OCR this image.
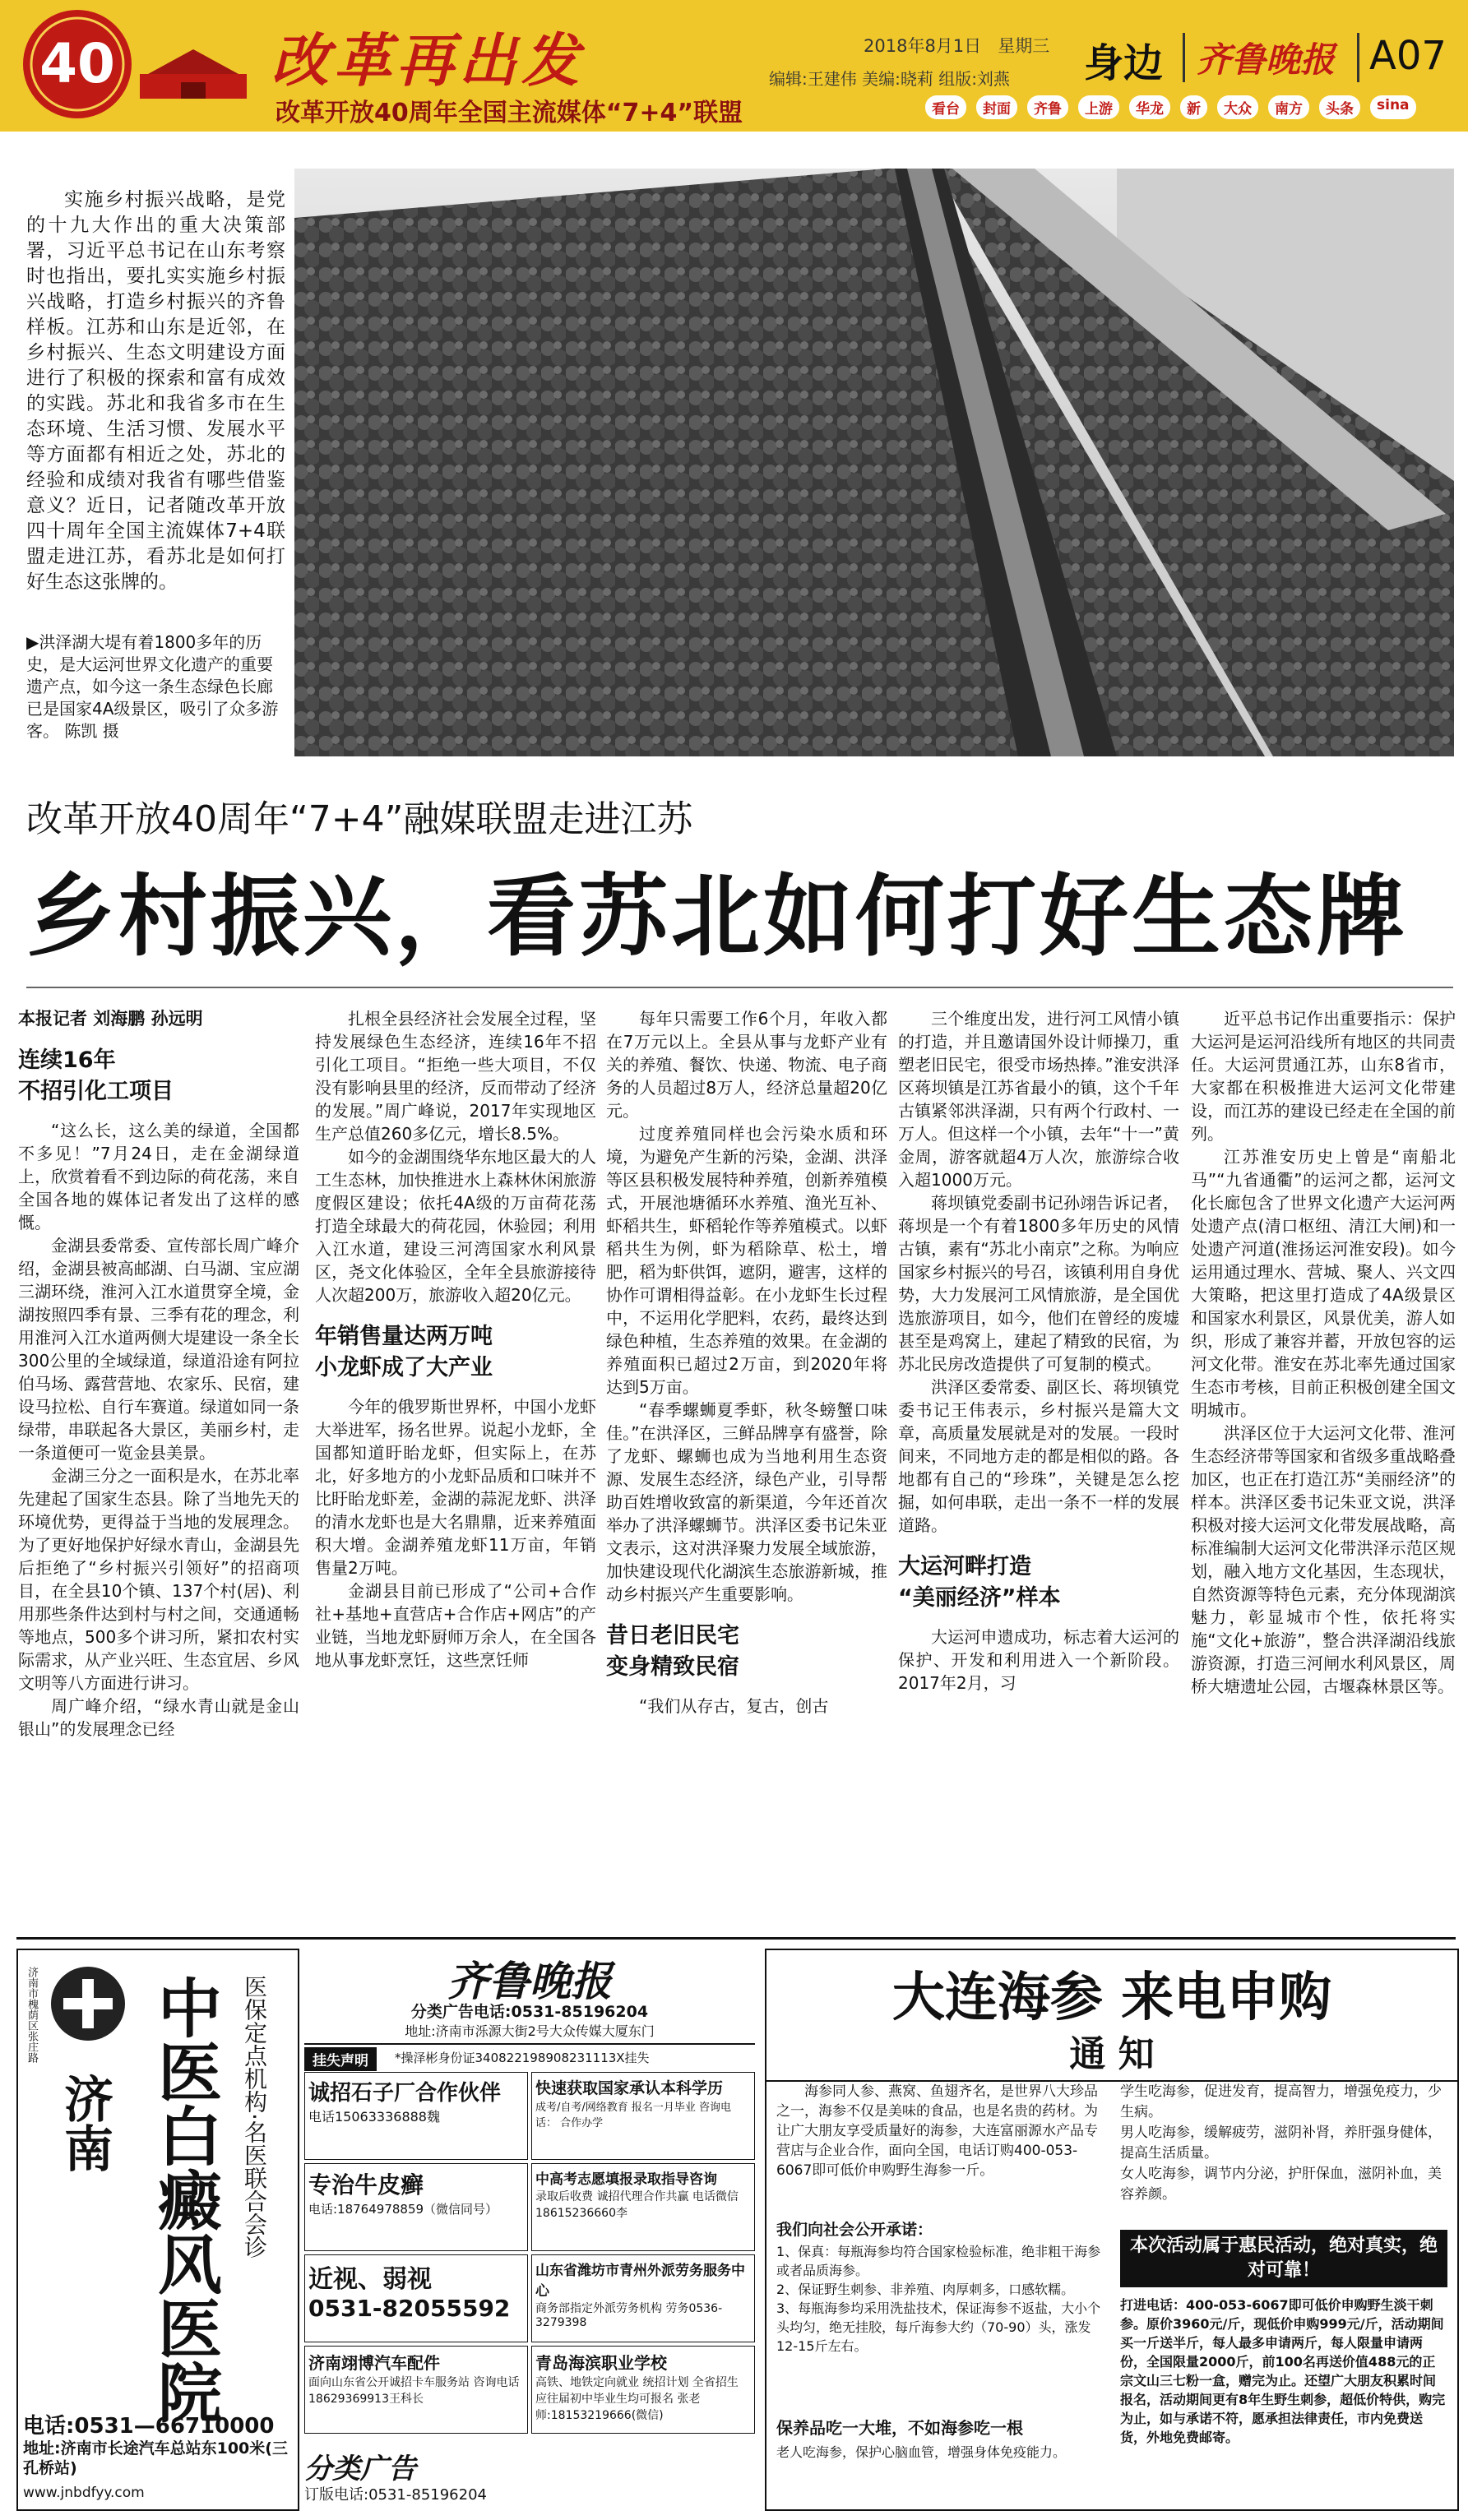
40	改革再出发
改革开放40周年全国主流媒体“7+4”联盟
2018年8月1日 星期三
编辑:王建伟 美编:晓莉 组版:刘燕 身边 齐鲁晚报 A07
看台	封面	齐鲁	上游	华龙	新	大众	南方	头条	sina
实施乡村振兴战略，是党的十九大作出的重大决策部署，习近平总书记在山东考察时也指出，要扎实实施乡村振兴战略，打造乡村振兴的齐鲁样板。江苏和山东是近邻，在乡村振兴、生态文明建设方面进行了积极的探索和富有成效的实践。苏北和我省多市在生态环境、生活习惯、发展水平等方面都有相近之处，苏北的经验和成绩对我省有哪些借鉴意义？近日，记者随改革开放四十周年全国主流媒体7+4联盟走进江苏，看苏北是如何打好生态这张牌的。
▶洪泽湖大堤有着1800多年的历史，是大运河世界文化遗产的重要遗产点，如今这一条生态绿色长廊已是国家4A级景区，吸引了众多游客。 陈凯 摄
改革开放40周年“7+4”融媒联盟走进江苏
乡村振兴，看苏北如何打好生态牌

本报记者 刘海鹏 孙远明

连续16年
不招引化工项目

“这么长，这么美的绿道，全国都不多见！”7月24日，走在金湖绿道上，欣赏着看不到边际的荷花荡，来自全国各地的媒体记者发出了这样的感慨。

金湖县委常委、宣传部长周广峰介绍，金湖县被高邮湖、白马湖、宝应湖三湖环绕，淮河入江水道贯穿全境，金湖按照四季有景、三季有花的理念，利用淮河入江水道两侧大堤建设一条全长300公里的全域绿道，绿道沿途有阿拉伯马场、露营营地、农家乐、民宿，建设马拉松、自行车赛道。绿道如同一条绿带，串联起各大景区，美丽乡村，走一条道便可一览金县美景。

金湖三分之一面积是水，在苏北率先建起了国家生态县。除了当地先天的环境优势，更得益于当地的发展理念。为了更好地保护好绿水青山，金湖县先后拒绝了“乡村振兴引领好”的招商项目，在全县10个镇、137个村(居)、利用那些条件达到村与村之间，交通通畅等地点，500多个讲习所，紧扣农村实际需求，从产业兴旺、生态宜居、乡风文明等八方面进行讲习。

周广峰介绍，“绿水青山就是金山银山”的发展理念已经

扎根全县经济社会发展全过程，坚持发展绿色生态经济，连续16年不招引化工项目。“拒绝一些大项目，不仅没有影响县里的经济，反而带动了经济的发展。”周广峰说，2017年实现地区生产总值260多亿元，增长8.5%。

如今的金湖围绕华东地区最大的人工生态林，加快推进水上森林休闲旅游度假区建设；依托4A级的万亩荷花荡打造全球最大的荷花园，休验园；利用入江水道，建设三河湾国家水利风景区，尧文化体验区，全年全县旅游接待人次超200万，旅游收入超20亿元。

年销售量达两万吨
小龙虾成了大产业

今年的俄罗斯世界杯，中国小龙虾大举进军，扬名世界。说起小龙虾，全国都知道盱眙龙虾，但实际上，在苏北，好多地方的小龙虾品质和口味并不比盱眙龙虾差，金湖的蒜泥龙虾、洪泽的清水龙虾也是大名鼎鼎，近来养殖面积大增。金湖养殖龙虾11万亩，年销售量2万吨。

金湖县目前已形成了“公司+合作社+基地+直营店+合作店+网店”的产业链，当地龙虾厨师万余人，在全国各地从事龙虾烹饪，这些烹饪师

每年只需要工作6个月，年收入都在7万元以上。全县从事与龙虾产业有关的养殖、餐饮、快递、物流、电子商务的人员超过8万人，经济总量超20亿元。

过度养殖同样也会污染水质和环境，为避免产生新的污染，金湖、洪泽等区县积极发展特种养殖，创新养殖模式，开展池塘循环水养殖、渔光互补、虾稻共生，虾稻轮作等养殖模式。以虾稻共生为例，虾为稻除草、松土，增肥，稻为虾供饵，遮阴，避害，这样的协作可谓相得益彰。在小龙虾生长过程中，不运用化学肥料，农药，最终达到绿色种植，生态养殖的效果。在金湖的养殖面积已超过2万亩，到2020年将达到5万亩。

“春季螺蛳夏季虾，秋冬螃蟹口味佳。”在洪泽区，三鲜品牌享有盛誉，除了龙虾、螺蛳也成为当地利用生态资源、发展生态经济，绿色产业，引导帮助百姓增收致富的新渠道，今年还首次举办了洪泽螺蛳节。洪泽区委书记朱亚文表示，这对洪泽聚力发展全域旅游，加快建设现代化湖滨生态旅游新城，推动乡村振兴产生重要影响。

昔日老旧民宅
变身精致民宿

“我们从存古，复古，创古

三个维度出发，进行河工风情小镇的打造，并且邀请国外设计师操刀，重塑老旧民宅，很受市场热捧。”淮安洪泽区蒋坝镇是江苏省最小的镇，这个千年古镇紧邻洪泽湖，只有两个行政村、一万人。但这样一个小镇，去年“十一”黄金周，游客就超4万人次，旅游综合收入超1000万元。

蒋坝镇党委副书记孙翊告诉记者，蒋坝是一个有着1800多年历史的风情古镇，素有“苏北小南京”之称。为响应国家乡村振兴的号召，该镇利用自身优势，大力发展河工风情旅游，是全国优选旅游项目，如今，他们在曾经的废墟甚至是鸡窝上，建起了精致的民宿，为苏北民房改造提供了可复制的模式。

洪泽区委常委、副区长、蒋坝镇党委书记王伟表示，乡村振兴是篇大文章，高质量发展就是对的发展。一段时间来，不同地方走的都是相似的路。各地都有自己的“珍珠”，关键是怎么挖掘，如何串联，走出一条不一样的发展道路。

大运河畔打造
“美丽经济”样本

大运河申遗成功，标志着大运河的保护、开发和利用进入一个新阶段。2017年2月，习

近平总书记作出重要指示：保护大运河是运河沿线所有地区的共同责任。大运河贯通江苏，山东8省市，大家都在积极推进大运河文化带建设，而江苏的建设已经走在全国的前列。

江苏淮安历史上曾是“南船北马”“九省通衢”的运河之都，运河文化长廊包含了世界文化遗产大运河两处遗产点(清口枢纽、清江大闸)和一处遗产河道(淮扬运河淮安段)。如今运用通过理水、营城、聚人、兴文四大策略，把这里打造成了4A级景区和国家水利景区，风景优美，游人如织，形成了兼容并蓄，开放包容的运河文化带。淮安在苏北率先通过国家生态市考核，目前正积极创建全国文明城市。

洪泽区位于大运河文化带、淮河生态经济带等国家和省级多重战略叠加区，也正在打造江苏“美丽经济”的样本。洪泽区委书记朱亚文说，洪泽积极对接大运河文化带发展战略，高标准编制大运河文化带洪泽示范区规划，融入地方文化基因，生态现状，自然资源等特色元素，充分体现湖滨魅力，彰显城市个性，依托将实施“文化+旅游”，整合洪泽湖沿线旅游资源，打造三河闸水利风景区，周桥大塘遗址公园，古堰森林景区等。

济南市槐荫区张庄路
济南 中医白癜风医院 医保定点机构·名医联合会诊
电话:0531—66710000
地址:济南市长途汽车总站东100米(三孔桥站)
www.jnbdfyy.com
齐鲁晚报
分类广告电话:0531-85196204
地址:济南市泺源大街2号大众传媒大厦东门
挂失声明	*操泽彬身份证340822198908231113X挂失
诚招石子厂合作伙伴
电话15063336888魏
快速获取国家承认本科学历
成考/自考/网络教育 报名一月毕业 咨询电话： 合作办学
专治牛皮癣
电话:18764978859（微信同号）
中高考志愿填报录取指导咨询
录取后收费 诚招代理合作共赢 电话微信18615236660李
近视、弱视
0531-82055592
山东省潍坊市青州外派劳务服务中心
商务部指定外派劳务机构 劳务0536-3279398
济南翊博汽车配件
面向山东省公开诚招卡车服务站 咨询电话18629369913王科长
青岛海滨职业学校
高铁、地铁定向就业 统招计划 全省招生 应往届初中毕业生均可报名 张老师:18153219666(微信)
分类广告
订版电话:0531-85196204
大连海参 来电申购
通 知
海参同人参、燕窝、鱼翅齐名，是世界八大珍品之一，海参不仅是美味的食品，也是名贵的药材。为让广大朋友享受质量好的海参，大连富丽源水产品专营店与企业合作，面向全国，电话订购400-053-6067即可低价申购野生海参一斤。
我们向社会公开承诺：
1、保真：每瓶海参均符合国家检验标准，绝非粗干海参或者品质海参。
2、保证野生刺参、非养殖、肉厚刺多，口感软糯。
3、每瓶海参均采用洗盐技术，保证海参不返盐，大小个头均匀，绝无挂胶，每斤海参大约（70-90）头，涨发12-15斤左右。
保养品吃一大堆，不如海参吃一根
老人吃海参，保护心脑血管，增强身体免疫能力。
学生吃海参，促进发育，提高智力，增强免疫力，少生病。
男人吃海参，缓解疲劳，滋阴补肾，养肝强身健体，提高生活质量。
女人吃海参，调节内分泌，护肝保血，滋阴补血，美容养颜。
本次活动属于惠民活动，绝对真实，绝对可靠！
打进电话：400-053-6067即可低价申购野生淡干刺参。原价3960元/斤，现低价申购999元/斤，活动期间买一斤送半斤，每人最多申请两斤，每人限量申请两份，全国限量2000斤，前100名再送价值488元的正宗文山三七粉一盒，赠完为止。还望广大朋友积累时间报名，活动期间更有8年生野生刺参，超低价特供，购完为止，如与承诺不符，愿承担法律责任，市内免费送货，外地免费邮寄。
